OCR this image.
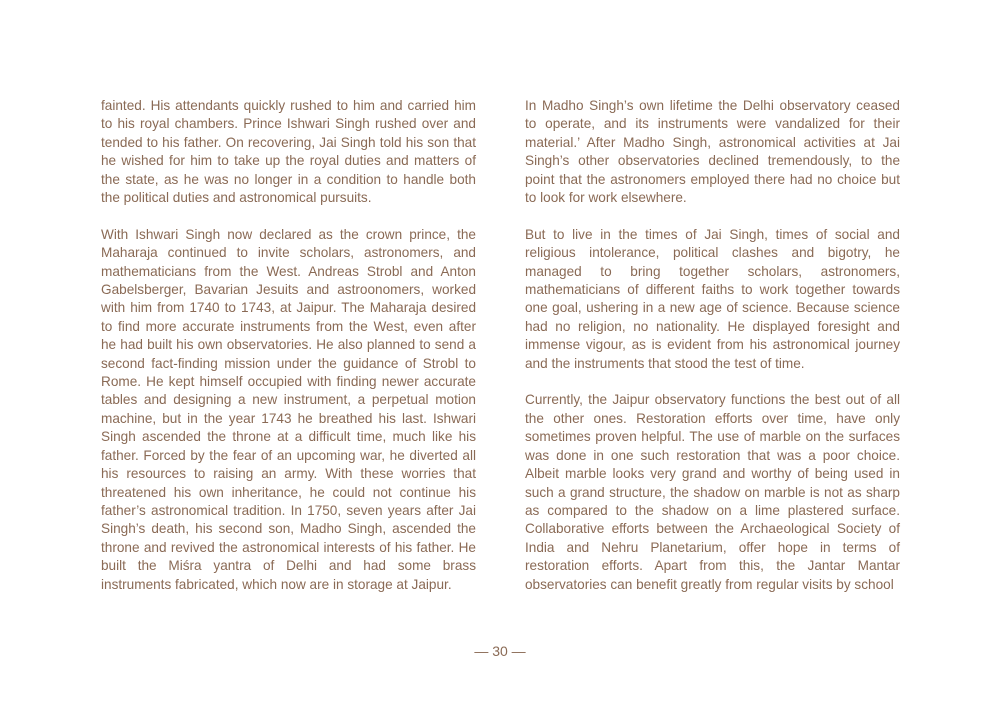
fainted. His attendants quickly rushed to him and carried him to his royal chambers. Prince Ishwari Singh rushed over and tended to his father. On recovering, Jai Singh told his son that he wished for him to take up the royal duties and matters of the state, as he was no longer in a condition to handle both the political duties and astronomical pursuits.

With Ishwari Singh now declared as the crown prince, the Maharaja continued to invite scholars, astronomers, and mathematicians from the West. Andreas Strobl and Anton Gabelsberger, Bavarian Jesuits and astroonomers, worked with him from 1740 to 1743, at Jaipur. The Maharaja desired to find more accurate instruments from the West, even after he had built his own observatories. He also planned to send a second fact-finding mission under the guidance of Strobl to Rome. He kept himself occupied with finding newer accurate tables and designing a new instrument, a perpetual motion machine, but in the year 1743 he breathed his last. Ishwari Singh ascended the throne at a difficult time, much like his father. Forced by the fear of an upcoming war, he diverted all his resources to raising an army. With these worries that threatened his own inheritance, he could not continue his father’s astronomical tradition. In 1750, seven years after Jai Singh’s death, his second son, Madho Singh, ascended the throne and revived the astronomical interests of his father. He built the Miśra yantra of Delhi and had some brass instruments fabricated, which now are in storage at Jaipur.

In Madho Singh’s own lifetime the Delhi observatory ceased to operate, and its instruments were vandalized for their material.’ After Madho Singh, astronomical activities at Jai Singh’s other observatories declined tremendously, to the point that the astronomers employed there had no choice but to look for work elsewhere.

But to live in the times of Jai Singh, times of social and religious intolerance, political clashes and bigotry, he managed to bring together scholars, astronomers, mathematicians of different faiths to work together towards one goal, ushering in a new age of science. Because science had no religion, no nationality. He displayed foresight and immense vigour, as is evident from his astronomical journey and the instruments that stood the test of time.

Currently, the Jaipur observatory functions the best out of all the other ones. Restoration efforts over time, have only sometimes proven helpful. The use of marble on the surfaces was done in one such restoration that was a poor choice. Albeit marble looks very grand and worthy of being used in such a grand structure, the shadow on marble is not as sharp as compared to the shadow on a lime plastered surface. Collaborative efforts between the Archaeological Society of India and Nehru Planetarium, offer hope in terms of restoration efforts. Apart from this, the Jantar Mantar observatories can benefit greatly from regular visits by school

— 30 —
